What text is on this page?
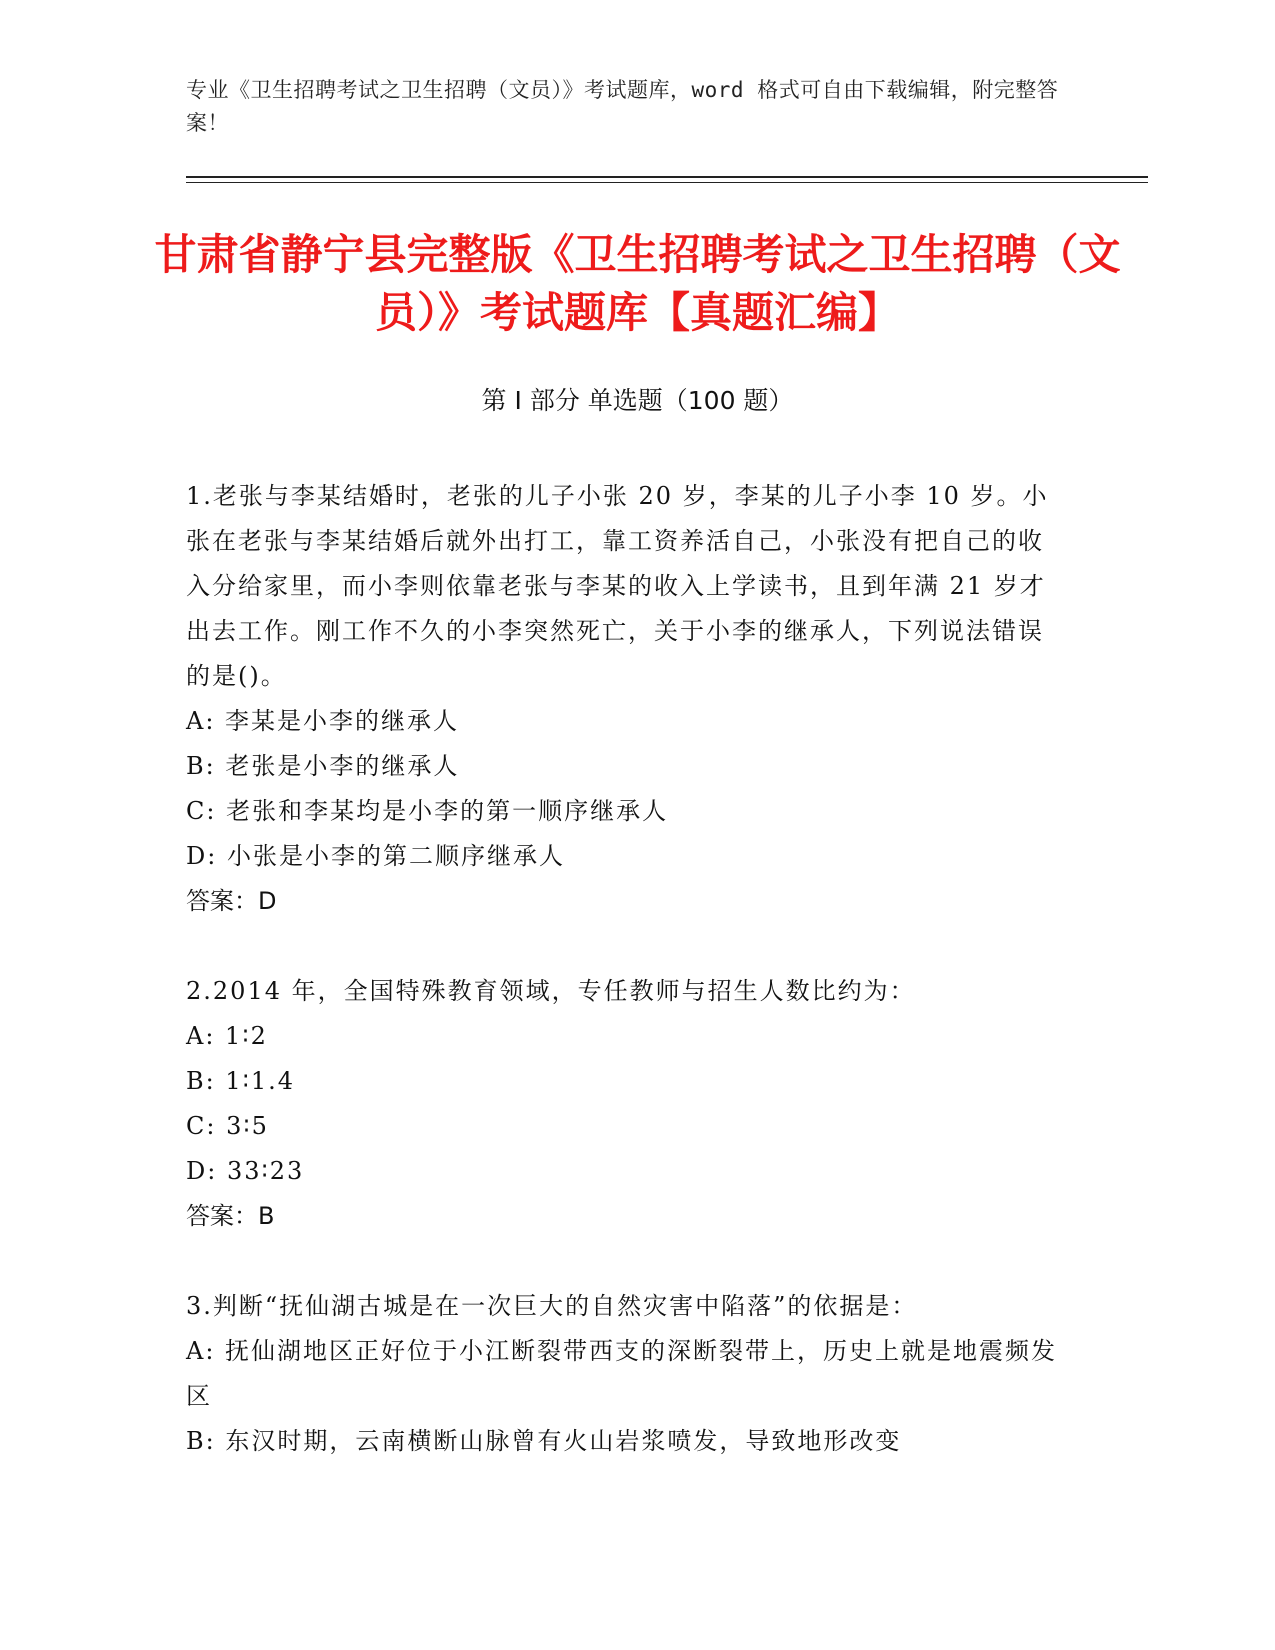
专业《卫生招聘考试之卫生招聘（文员）》考试题库，word 格式可自由下载编辑，附完整答案！
甘肃省静宁县完整版《卫生招聘考试之卫生招聘（文员）》考试题库【真题汇编】
第 I 部分 单选题（100 题）

1.老张与李某结婚时，老张的儿子小张 20 岁，李某的儿子小李 10 岁。小张在老张与李某结婚后就外出打工，靠工资养活自己，小张没有把自己的收入分给家里，而小李则依靠老张与李某的收入上学读书，且到年满 21 岁才出去工作。刚工作不久的小李突然死亡，关于小李的继承人，下列说法错误的是()。

A: 李某是小李的继承人

B: 老张是小李的继承人

C: 老张和李某均是小李的第一顺序继承人

D: 小张是小李的第二顺序继承人

答案：D

2.2014 年，全国特殊教育领域，专任教师与招生人数比约为：

A: 1∶2

B: 1∶1.4

C: 3∶5

D: 33∶23

答案：B

3.判断“抚仙湖古城是在一次巨大的自然灾害中陷落”的依据是：

A: 抚仙湖地区正好位于小江断裂带西支的深断裂带上，历史上就是地震频发区

B: 东汉时期，云南横断山脉曾有火山岩浆喷发，导致地形改变
